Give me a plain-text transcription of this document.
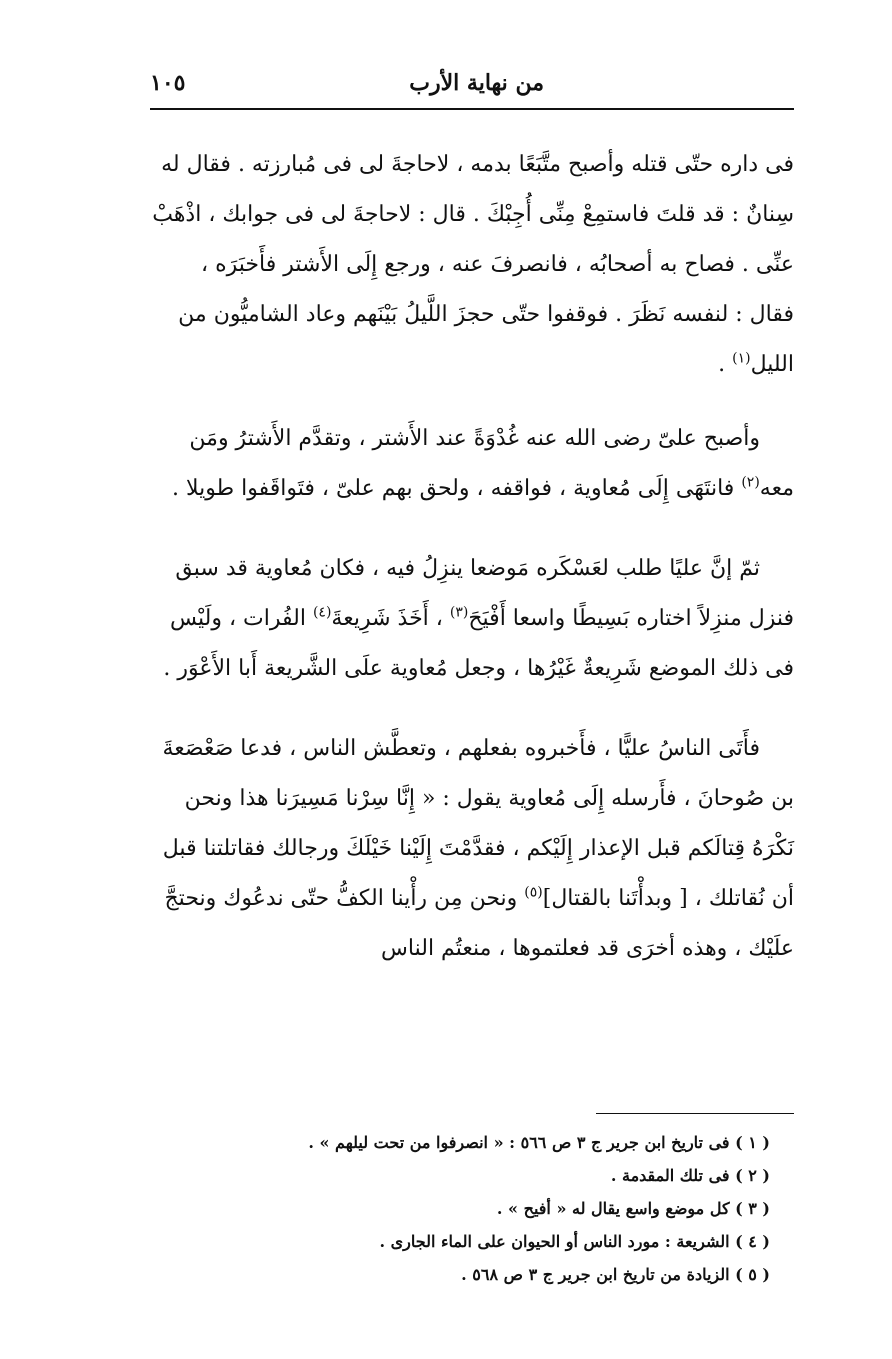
من نهاية الأرب
١٠٥

فى داره حتّى قتله وأصبح متَّبَعًا بدمه ، لاحاجةَ لى فى مُبارزته . فقال له سِنانٌ : قد قلتَ فاستمِعْ مِنِّى أُجِبْكَ . قال : لاحاجةَ لى فى جوابك ، اذْهَبْ عنِّى . فصاح به أصحابُه ، فانصرفَ عنه ، ورجع إِلَى الأَشتر فأَخبَرَه ، فقال : لنفسه نَظَرَ . فوقفوا حتّى حجزَ اللَّيلُ بَيْنَهم وعاد الشاميُّون من الليل$^{(١)}$ .

وأصبح علىّ رضى الله عنه غُدْوَةً عند الأَشتر ، وتقدَّم الأَشترُ ومَن معه$^{(٢)}$ فانتَهَى إِلَى مُعاوية ، فواقفه ، ولحق بهم علىّ ، فتَواقَفوا طويلا .

ثمّ إنَّ عليًا طلب لعَسْكَره مَوضعا ينزِلُ فيه ، فكان مُعاوية قد سبق فنزل منزِلاً اختاره بَسِيطًا واسعا أَفْيَحَ$^{(٣)}$ ، أَخَذَ شَرِيعةَ$^{(٤)}$ الفُرات ، ولَيْس فى ذلك الموضع شَرِيعةٌ غَيْرُها ، وجعل مُعاوية علَى الشَّريعة أَبا الأَعْوَر .

فأَتَى الناسُ عليًّا ، فأَخبروه بفعلهم ، وتعطَّش الناس ، فدعا صَعْصَعةَ بن صُوحانَ ، فأَرسله إِلَى مُعاوية يقول : « إِنَّا سِرْنا مَسِيرَنا هذا ونحن نَكْرَهُ قِتالَكم قبل الإعذار إِلَيْكم ، فقدَّمْتَ إِلَيْنا خَيْلَكَ ورجالك فقاتلتنا قبل أن نُقاتلك ، [ وبدأْتَنا بالقتال]$^{(٥)}$ ونحن مِن رأْينا الكفُّ حتّى ندعُوك ونحتجَّ علَيْك ، وهذه أخرَى قد فعلتموها ، منعتُم الناس

( ١ ) فى تاريخ ابن جرير ج ٣ ص ٥٦٦ : « انصرفوا من تحت ليلهم » .
( ٢ ) فى تلك المقدمة .
( ٣ ) كل موضع واسع يقال له « أفيح » .
( ٤ ) الشريعة : مورد الناس أو الحيوان على الماء الجارى .
( ٥ ) الزيادة من تاريخ ابن جرير ج ٣ ص ٥٦٨ .
